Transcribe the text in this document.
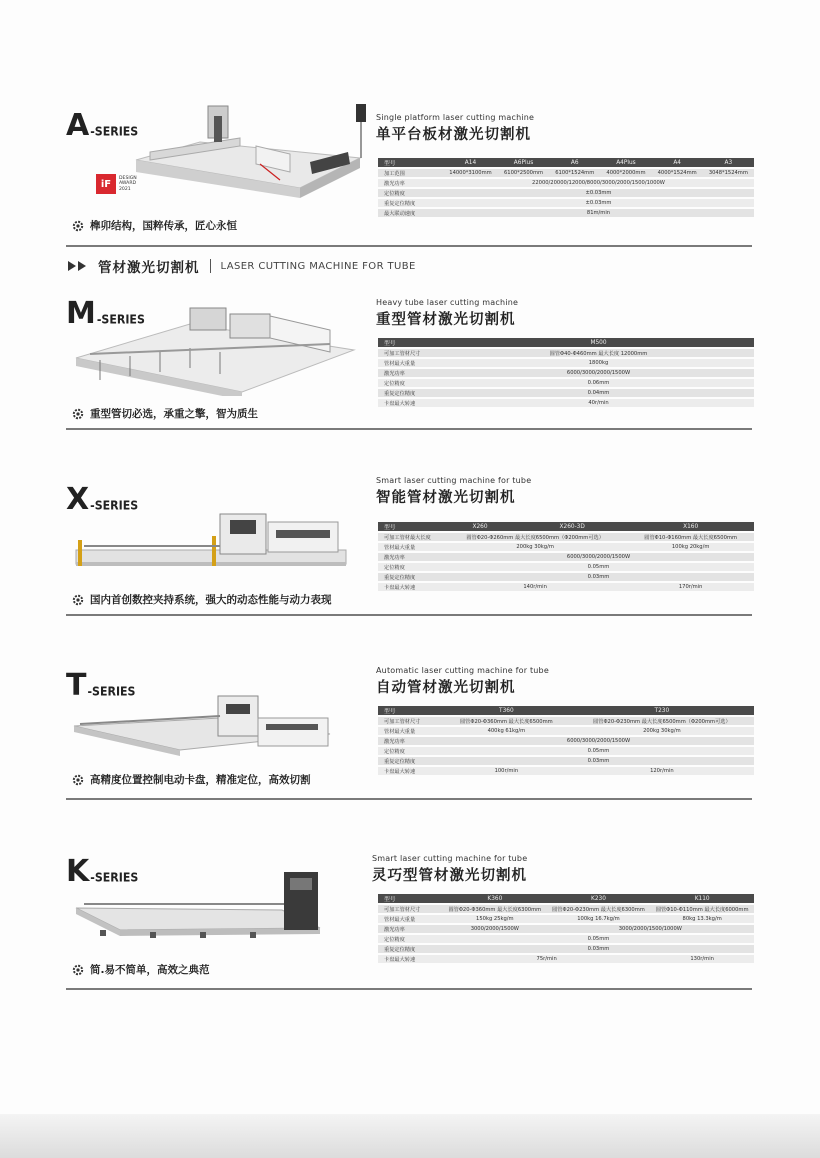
A -SERIES
iF	DESIGN
AWARD
2021
榫卯结构，国粹传承，匠心永恒
Single platform laser cutting machine
单平台板材激光切割机
型号	A14	A6Plus	A6	A4Plus	A4	A3
加工范围	14000*3100mm	6100*2500mm	6100*1524mm	4000*2000mm	4000*1524mm	3048*1524mm
激光功率	22000/20000/12000/8000/3000/2000/1500/1000W					
定位精度	±0.03mm					
重复定位精度	±0.03mm					
最大联动速度	81m/min					
管材激光切割机 LASER CUTTING MACHINE FOR TUBE
M -SERIES
重型管切必选，承重之擎，智为质生
Heavy tube laser cutting machine
重型管材激光切割机
型号	M500
可加工管材尺寸	圆管Φ40-Φ460mm 最大长度 12000mm
管材最大重量	1800kg
激光功率	6000/3000/2000/1500W
定位精度	0.06mm
重复定位精度	0.04mm
卡盘最大转速	40r/min
X -SERIES
国内首创数控夹持系统，强大的动态性能与动力表现
Smart laser cutting machine for tube
智能管材激光切割机
型号	X260	X260-3D	X160
可加工管材最大长度	圆管Φ20-Φ260mm 最大长度6500mm（Φ200mm可选）		圆管Φ10-Φ160mm 最大长度6500mm
管材最大重量	200kg 30kg/m		100kg 20kg/m
激光功率	6000/3000/2000/1500W		
定位精度	0.05mm		
重复定位精度	0.03mm		
卡盘最大转速	140r/min		170r/min
T -SERIES
高精度位置控制电动卡盘，精准定位，高效切割
Automatic laser cutting machine for tube
自动管材激光切割机
型号	T360	T230
可加工管材尺寸	圆管Φ20-Φ360mm 最大长度6500mm	圆管Φ20-Φ230mm 最大长度6500mm（Φ200mm可选）
管材最大重量	400kg 61kg/m	200kg 30kg/m
激光功率	6000/3000/2000/1500W	
定位精度	0.05mm	
重复定位精度	0.03mm	
卡盘最大转速	100r/min	120r/min
K -SERIES
简.易不简单，高效之典范
Smart laser cutting machine for tube
灵巧型管材激光切割机
型号	K360	K230	K110
可加工管材尺寸	圆管Φ20-Φ360mm 最大长度6300mm	圆管Φ20-Φ230mm 最大长度6300mm	圆管Φ10-Φ110mm 最大长度6000mm
管材最大重量	150kg 25kg/m	100kg 16.7kg/m	80kg 13.3kg/m
激光功率	3000/2000/1500W	3000/2000/1500/1000W	
定位精度	0.05mm		
重复定位精度	0.03mm		
卡盘最大转速	75r/min		130r/min
